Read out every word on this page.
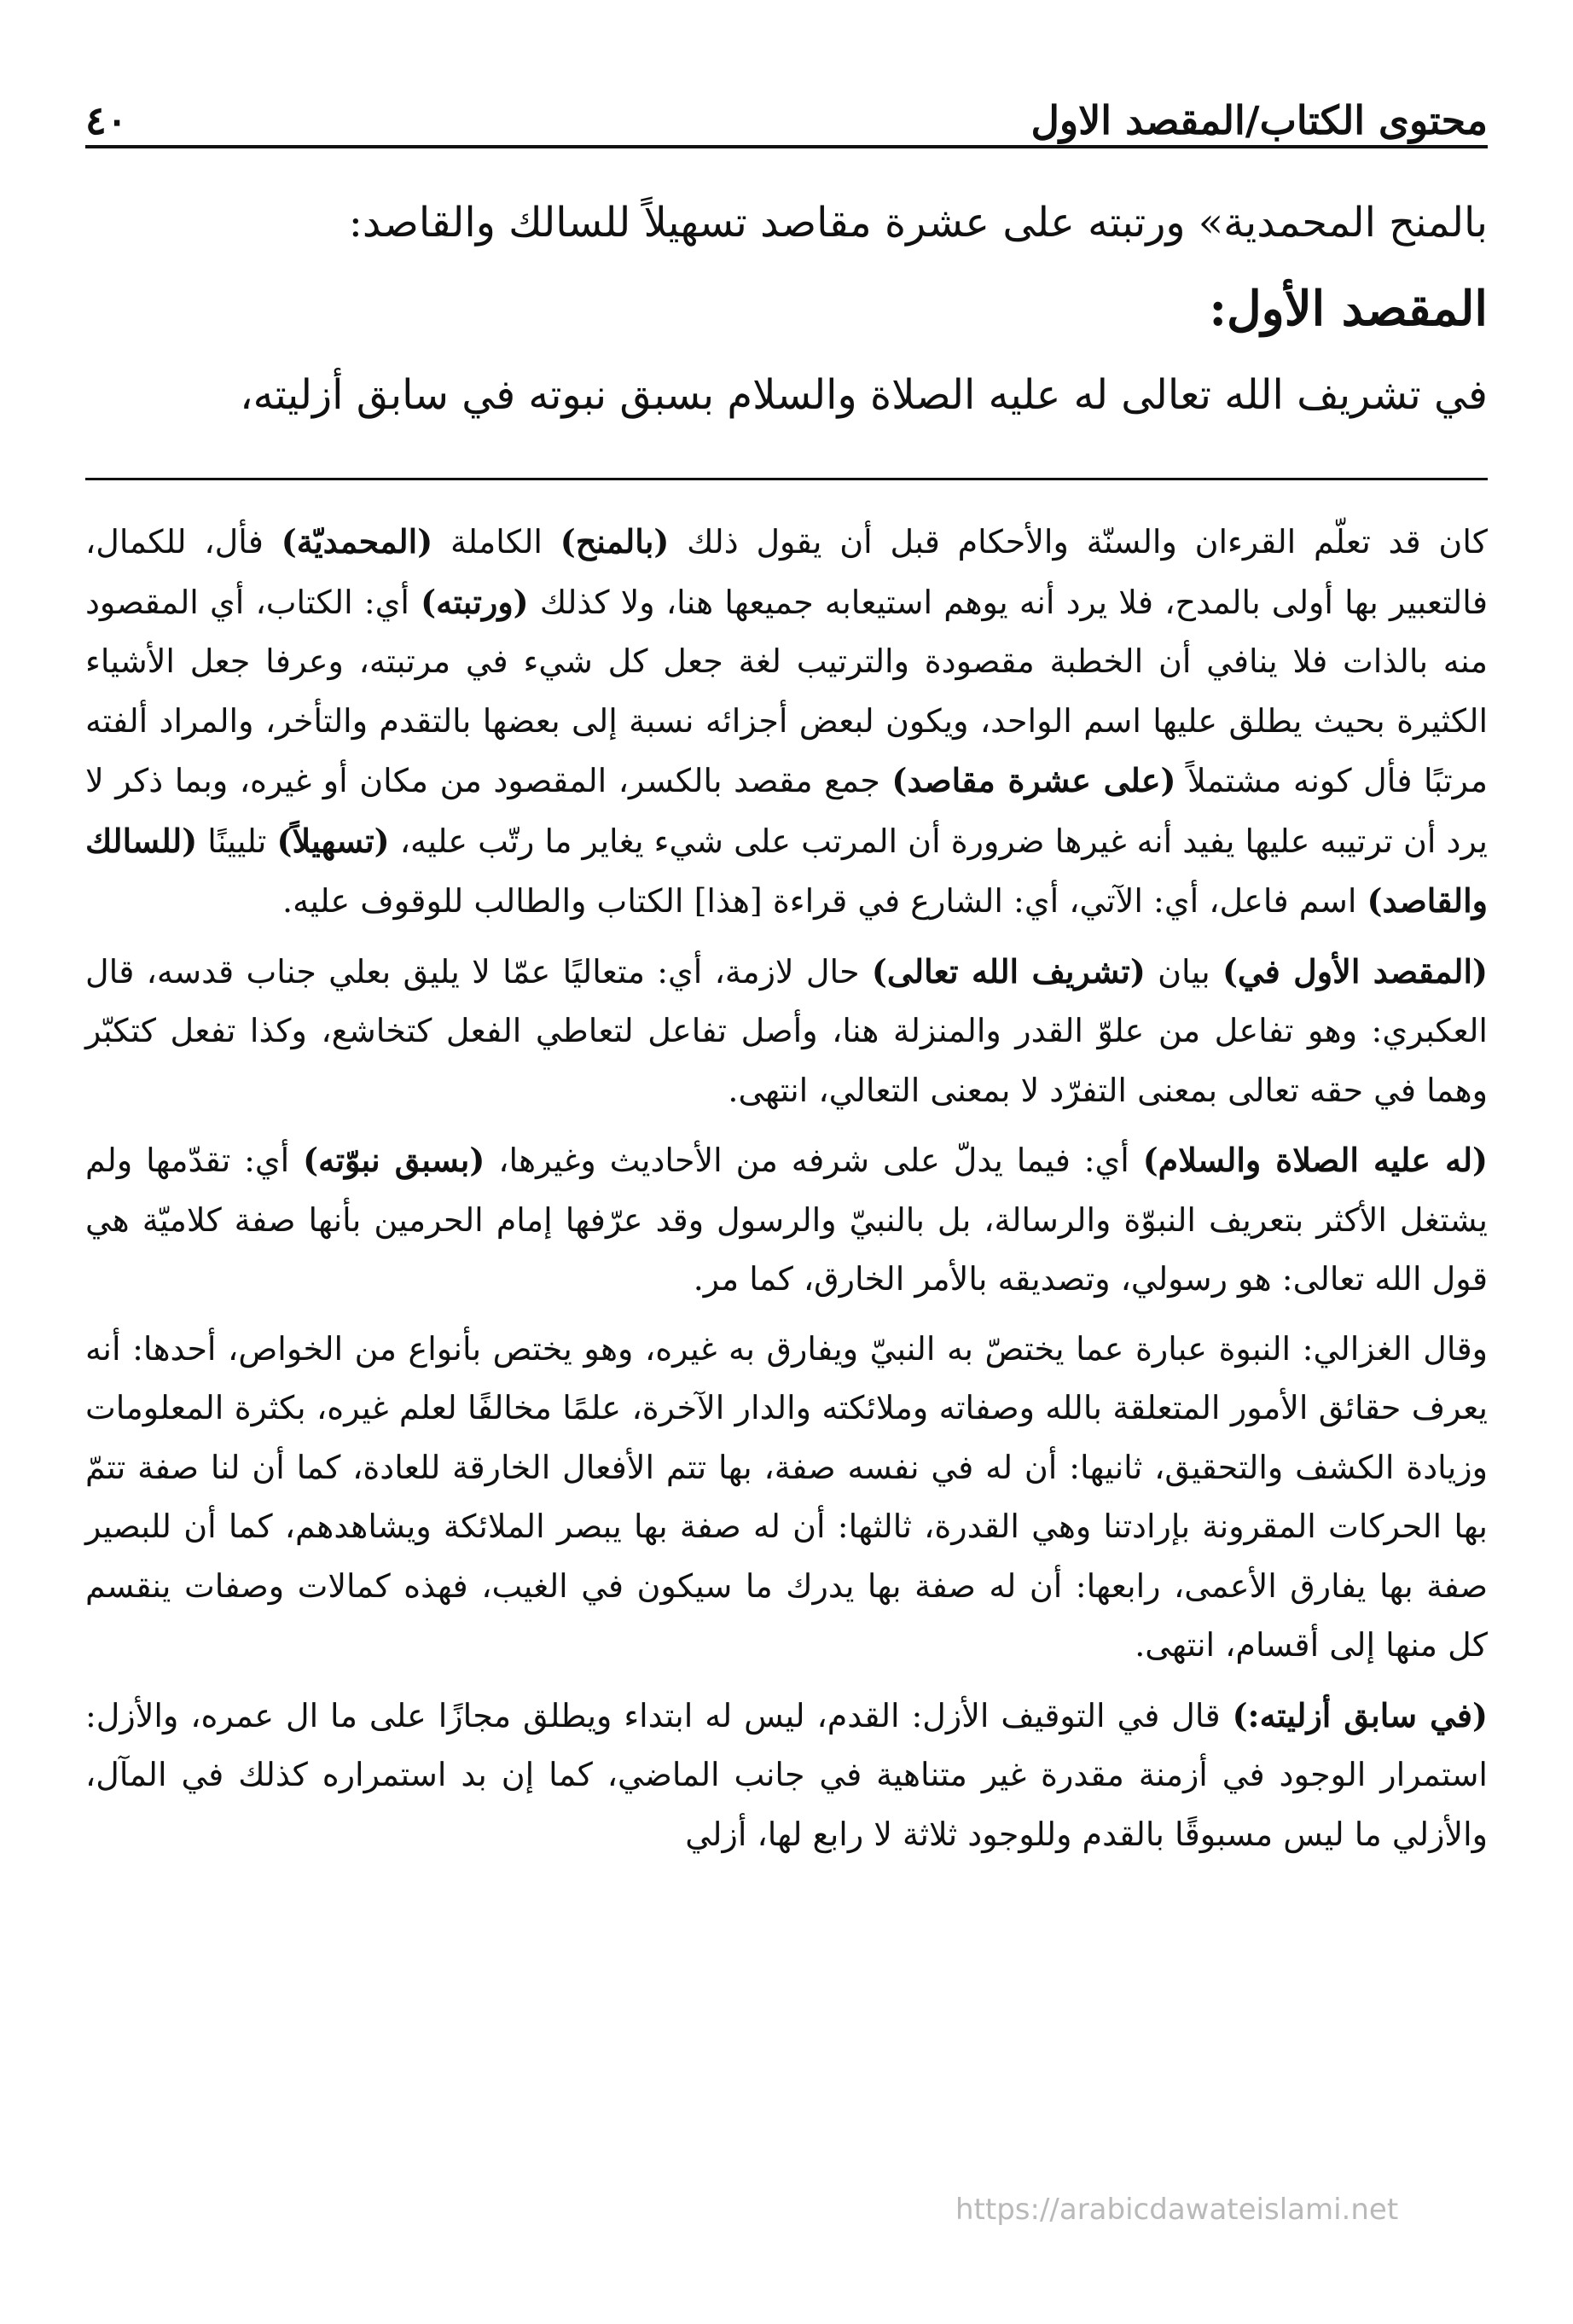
محتوى الكتاب/المقصد الاول
٤٠

بالمنح المحمدية» ورتبته على عشرة مقاصد تسهيلاً للسالك والقاصد:

المقصد الأول:

في تشريف الله تعالى له عليه الصلاة والسلام بسبق نبوته في سابق أزليته،

كان قد تعلّم القرءان والسنّة والأحكام قبل أن يقول ذلك (بالمنح) الكاملة (المحمديّة) فأل، للكمال، فالتعبير بها أولى بالمدح، فلا يرد أنه يوهم استيعابه جميعها هنا، ولا كذلك (ورتبته) أي: الكتاب، أي المقصود منه بالذات فلا ينافي أن الخطبة مقصودة والترتيب لغة جعل كل شيء في مرتبته، وعرفا جعل الأشياء الكثيرة بحيث يطلق عليها اسم الواحد، ويكون لبعض أجزائه نسبة إلى بعضها بالتقدم والتأخر، والمراد ألفته مرتبًا فأل كونه مشتملاً (على عشرة مقاصد) جمع مقصد بالكسر، المقصود من مكان أو غيره، وبما ذكر لا يرد أن ترتيبه عليها يفيد أنه غيرها ضرورة أن المرتب على شيء يغاير ما رتّب عليه، (تسهيلاً) تليينًا (للسالك والقاصد) اسم فاعل، أي: الآتي، أي: الشارع في قراءة [هذا] الكتاب والطالب للوقوف عليه.

(المقصد الأول في) بيان (تشريف الله تعالى) حال لازمة، أي: متعاليًا عمّا لا يليق بعلي جناب قدسه، قال العكبري: وهو تفاعل من علوّ القدر والمنزلة هنا، وأصل تفاعل لتعاطي الفعل كتخاشع، وكذا تفعل كتكبّر وهما في حقه تعالى بمعنى التفرّد لا بمعنى التعالي، انتهى.

(له عليه الصلاة والسلام) أي: فيما يدلّ على شرفه من الأحاديث وغيرها، (بسبق نبوّته) أي: تقدّمها ولم يشتغل الأكثر بتعريف النبوّة والرسالة، بل بالنبيّ والرسول وقد عرّفها إمام الحرمين بأنها صفة كلاميّة هي قول الله تعالى: هو رسولي، وتصديقه بالأمر الخارق، كما مر.

وقال الغزالي: النبوة عبارة عما يختصّ به النبيّ ويفارق به غيره، وهو يختص بأنواع من الخواص، أحدها: أنه يعرف حقائق الأمور المتعلقة بالله وصفاته وملائكته والدار الآخرة، علمًا مخالفًا لعلم غيره، بكثرة المعلومات وزيادة الكشف والتحقيق، ثانيها: أن له في نفسه صفة، بها تتم الأفعال الخارقة للعادة، كما أن لنا صفة تتمّ بها الحركات المقرونة بإرادتنا وهي القدرة، ثالثها: أن له صفة بها يبصر الملائكة ويشاهدهم، كما أن للبصير صفة بها يفارق الأعمى، رابعها: أن له صفة بها يدرك ما سيكون في الغيب، فهذه كمالات وصفات ينقسم كل منها إلى أقسام، انتهى.

(في سابق أزليته:) قال في التوقيف الأزل: القدم، ليس له ابتداء ويطلق مجازًا على ما ال عمره، والأزل: استمرار الوجود في أزمنة مقدرة غير متناهية في جانب الماضي، كما إن بد استمراره كذلك في المآل، والأزلي ما ليس مسبوقًا بالقدم وللوجود ثلاثة لا رابع لها، أزلي

https://arabicdawateislami.net
